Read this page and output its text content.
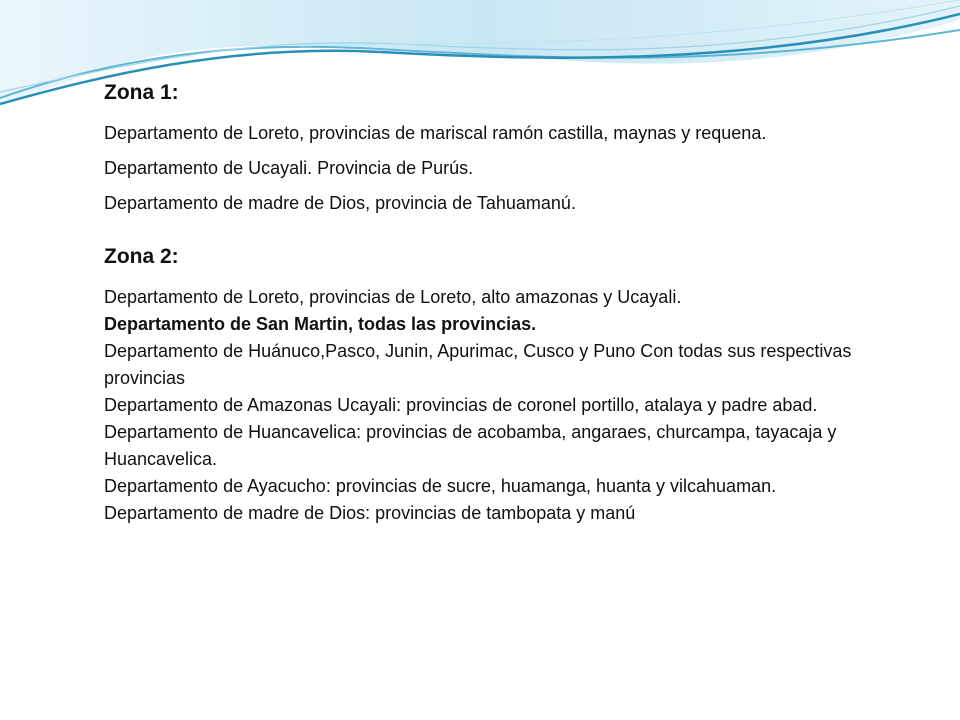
Zona 1:

Departamento de Loreto, provincias de mariscal ramón castilla, maynas y requena.

Departamento de Ucayali. Provincia de Purús.

Departamento de madre de Dios, provincia de Tahuamanú.

Zona 2:

Departamento de Loreto, provincias de Loreto, alto amazonas y Ucayali.

Departamento de San Martin, todas las provincias.

Departamento de Huánuco,Pasco, Junin, Apurimac, Cusco y Puno Con todas sus respectivas provincias

Departamento de Amazonas Ucayali: provincias de coronel portillo, atalaya y padre abad.

Departamento de Huancavelica: provincias de acobamba, angaraes, churcampa, tayacaja y Huancavelica.

Departamento de Ayacucho: provincias de sucre, huamanga, huanta y vilcahuaman.

Departamento de madre de Dios: provincias de tambopata y manú
